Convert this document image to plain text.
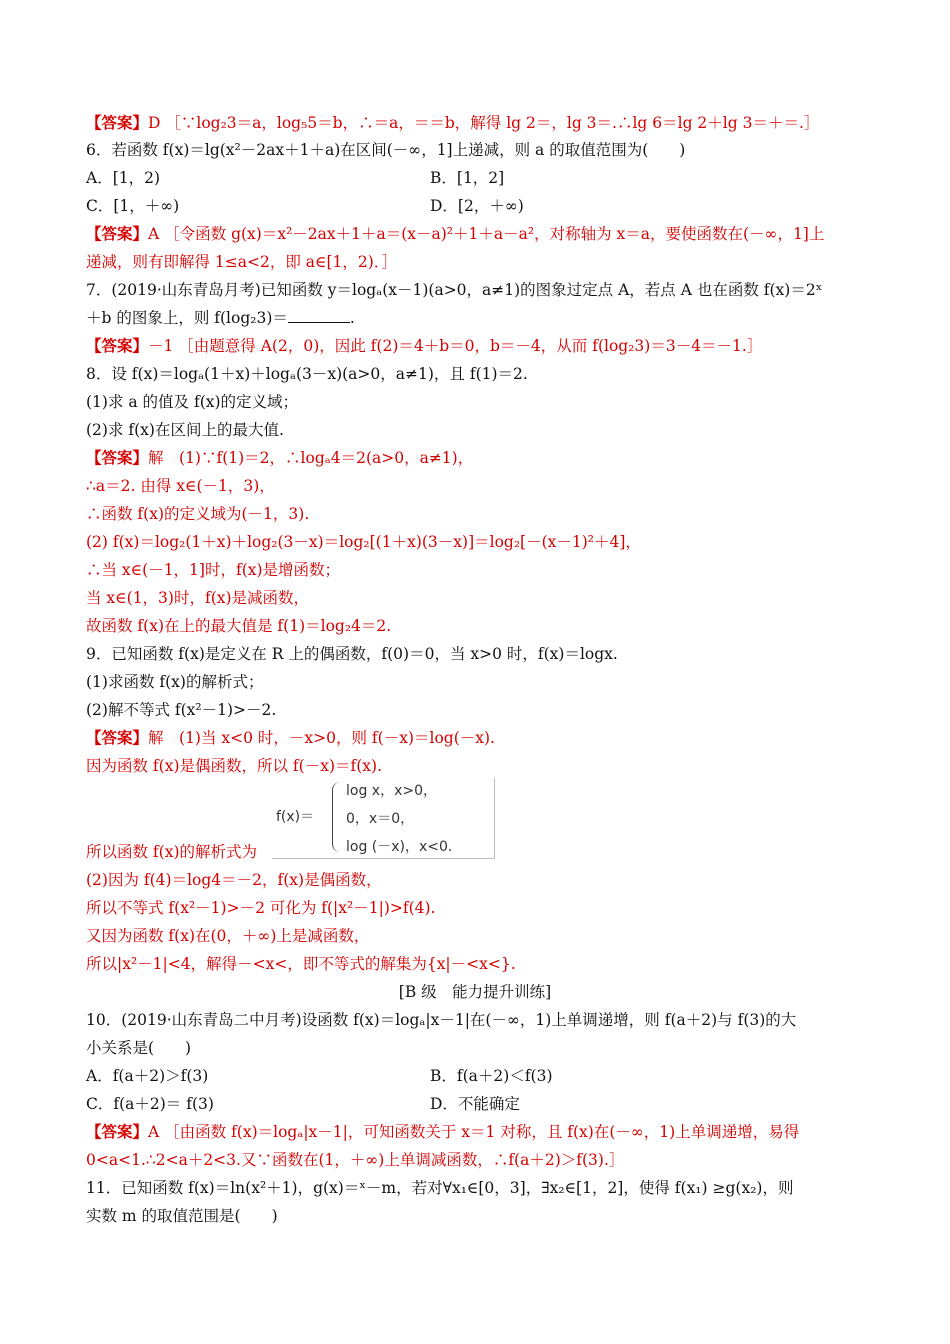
【答案】D ［∵log₂3＝a，log₅5＝b，∴＝a，＝＝b，解得 lg 2＝，lg 3＝.∴lg 6＝lg 2＋lg 3＝＋＝.］
6．若函数 f(x)＝lg(x²－2ax＋1＋a)在区间(－∞，1]上递减，则 a 的取值范围为(　　)
A．[1，2)	B．[1，2]
C．[1，＋∞)	D．[2，＋∞)
【答案】A ［令函数 g(x)＝x²－2ax＋1＋a＝(x－a)²＋1＋a－a²，对称轴为 x＝a，要使函数在(－∞，1]上
递减，则有即解得 1≤a<2，即 a∈[1，2)．］
7．(2019·山东青岛月考)已知函数 y＝logₐ(x－1)(a>0，a≠1)的图象过定点 A，若点 A 也在函数 f(x)＝2ˣ
＋b 的图象上，则 f(log₂3)＝	.
【答案】－1 ［由题意得 A(2，0)，因此 f(2)＝4＋b＝0，b＝－4，从而 f(log₂3)＝3－4＝－1.］
8．设 f(x)＝logₐ(1＋x)＋logₐ(3－x)(a>0，a≠1)，且 f(1)＝2.
(1)求 a 的值及 f(x)的定义域；
(2)求 f(x)在区间上的最大值.
【答案】解　(1)∵f(1)＝2，∴logₐ4＝2(a>0，a≠1)，
∴a＝2. 由得 x∈(－1，3)，
∴函数 f(x)的定义域为(－1，3).
(2) f(x)＝log₂(1＋x)＋log₂(3－x)＝log₂[(1＋x)(3－x)]＝log₂[－(x－1)²＋4]，
∴当 x∈(－1，1]时，f(x)是增函数；
当 x∈(1，3)时，f(x)是减函数，
故函数 f(x)在上的最大值是 f(1)＝log₂4＝2.
9．已知函数 f(x)是定义在 R 上的偶函数，f(0)＝0，当 x>0 时，f(x)＝logx.
(1)求函数 f(x)的解析式；
(2)解不等式 f(x²－1)>－2.
【答案】解　(1)当 x<0 时，－x>0，则 f(－x)＝log(－x).
因为函数 f(x)是偶函数，所以 f(－x)＝f(x).
f(x)＝
log x，x>0，
0，x＝0，
log (－x)，x<0.
所以函数 f(x)的解析式为
(2)因为 f(4)＝log4＝－2，f(x)是偶函数，
所以不等式 f(x²－1)>－2 可化为 f(|x²－1|)>f(4).
又因为函数 f(x)在(0，＋∞)上是减函数，
所以|x²－1|<4，解得－<x<，即不等式的解集为{x|－<x<}.
[B 级　能力提升训练]
10．(2019·山东青岛二中月考)设函数 f(x)＝logₐ|x－1|在(－∞，1)上单调递增，则 f(a＋2)与 f(3)的大
小关系是(　　)
A．f(a＋2)＞f(3)	B．f(a＋2)＜f(3)
C．f(a＋2)＝ f(3)	D．不能确定
【答案】A ［由函数 f(x)＝logₐ|x－1|，可知函数关于 x＝1 对称，且 f(x)在(－∞，1)上单调递增，易得
0<a<1.∴2<a＋2<3.又∵函数在(1，＋∞)上单调减函数，∴f(a＋2)＞f(3).］
11．已知函数 f(x)＝ln(x²＋1)，g(x)＝ˣ－m，若对∀x₁∈[0，3]，∃x₂∈[1，2]，使得 f(x₁) ≥g(x₂)，则
实数 m 的取值范围是(　　)
